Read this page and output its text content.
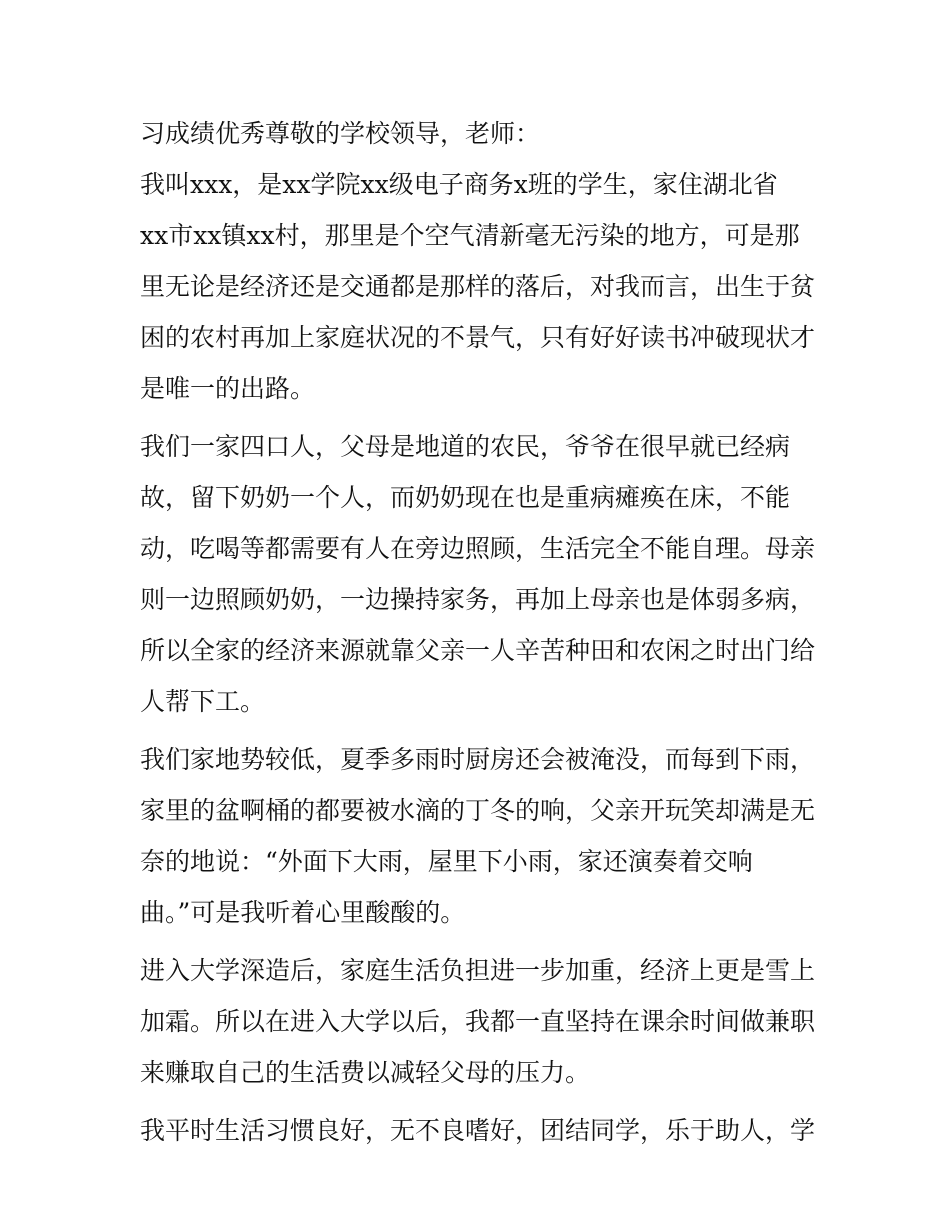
习成绩优秀尊敬的学校领导，老师：
我叫xxx，是xx学院xx级电子商务x班的学生，家住湖北省
xx市xx镇xx村，那里是个空气清新毫无污染的地方，可是那
里无论是经济还是交通都是那样的落后，对我而言，出生于贫
困的农村再加上家庭状况的不景气，只有好好读书冲破现状才
是唯一的出路。
我们一家四口人，父母是地道的农民，爷爷在很早就已经病
故，留下奶奶一个人，而奶奶现在也是重病瘫痪在床，不能
动，吃喝等都需要有人在旁边照顾，生活完全不能自理。母亲
则一边照顾奶奶，一边操持家务，再加上母亲也是体弱多病，
所以全家的经济来源就靠父亲一人辛苦种田和农闲之时出门给
人帮下工。
我们家地势较低，夏季多雨时厨房还会被淹没，而每到下雨，
家里的盆啊桶的都要被水滴的丁冬的响，父亲开玩笑却满是无
奈的地说：“外面下大雨，屋里下小雨，家还演奏着交响
曲。”可是我听着心里酸酸的。
进入大学深造后，家庭生活负担进一步加重，经济上更是雪上
加霜。所以在进入大学以后，我都一直坚持在课余时间做兼职
来赚取自己的生活费以减轻父母的压力。
我平时生活习惯良好，无不良嗜好，团结同学，乐于助人，学
